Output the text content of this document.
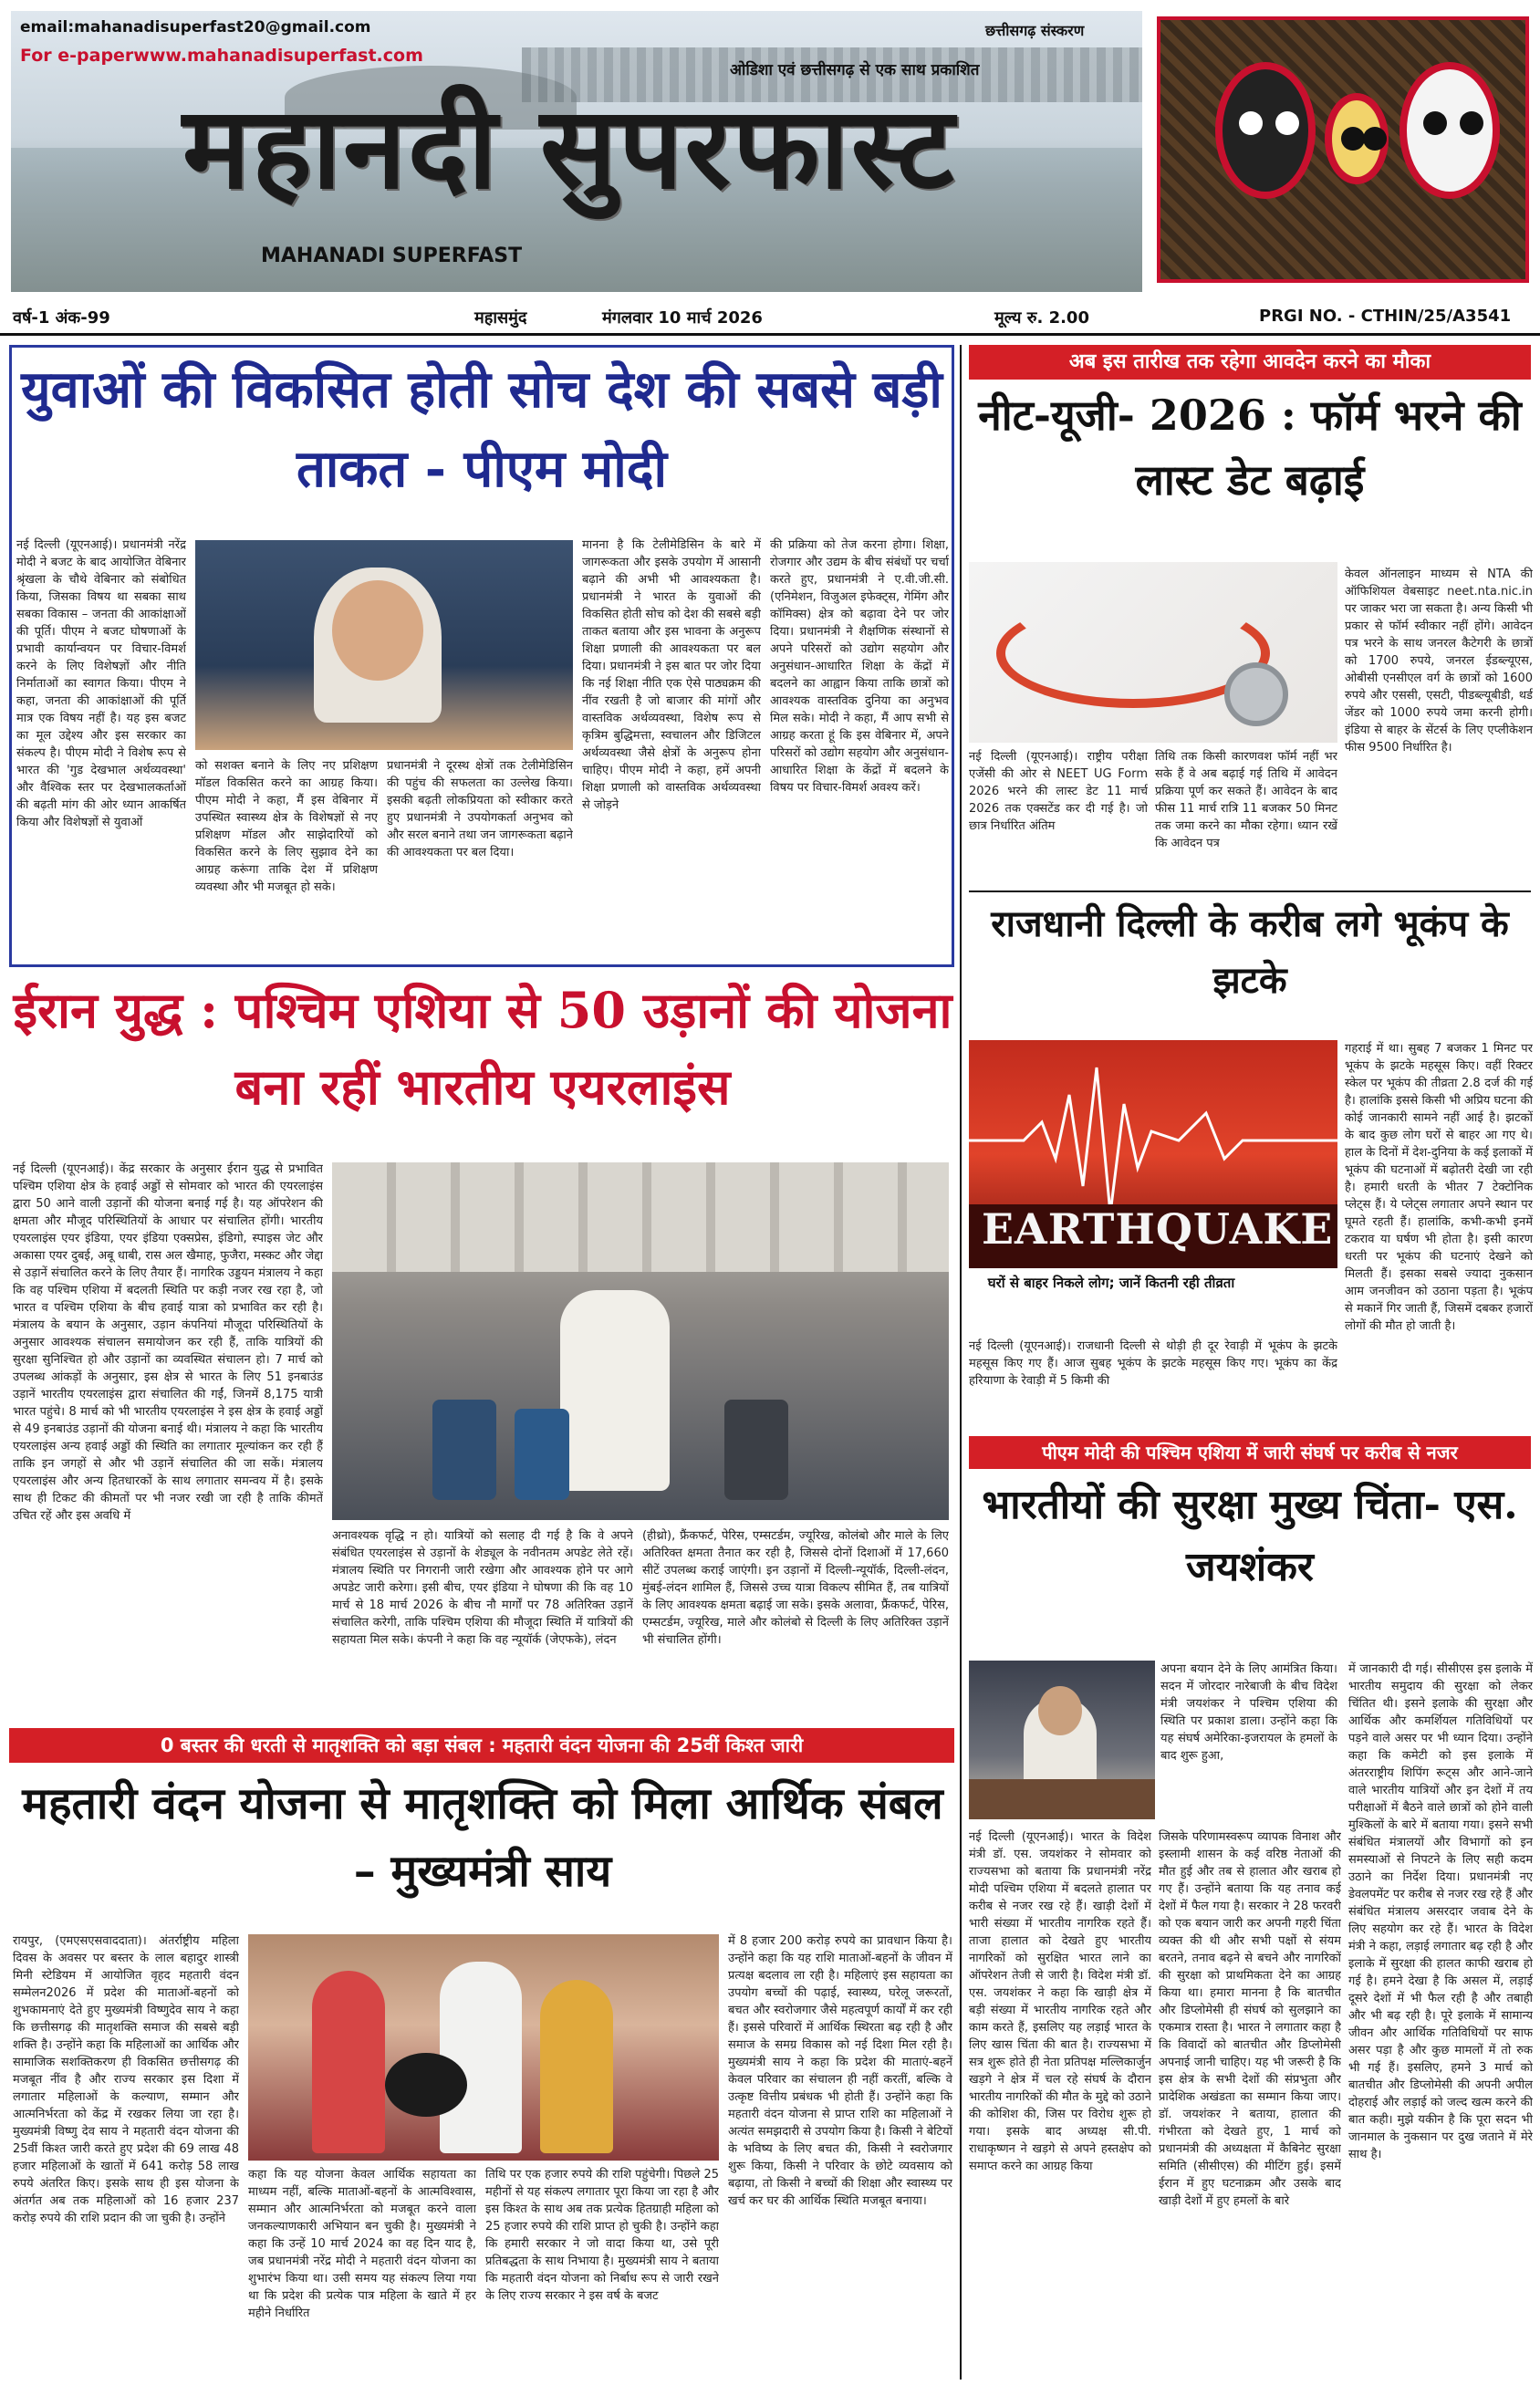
email:mahanadisuperfast20@gmail.com
For e-paperwww.mahanadisuperfast.com
छत्तीसगढ़ संस्करण
ओडिशा एवं छत्तीसगढ़ से एक साथ प्रकाशित
महानदी सुपरफास्ट
MAHANADI SUPERFAST
वर्ष-1 अंक-99	महासमुंद	मंगलवार 10 मार्च 2026	मूल्य रु. 2.00	PRGI NO. - CTHIN/25/A3541
युवाओं की विकसित होती सोच देश की सबसे बड़ी ताकत - पीएम मोदी
नई दिल्ली (यूएनआई)। प्रधानमंत्री नरेंद्र मोदी ने बजट के बाद आयोजित वेबिनार श्रृंखला के चौथे वेबिनार को संबोधित किया, जिसका विषय था सबका साथ सबका विकास – जनता की आकांक्षाओं की पूर्ति। पीएम ने बजट घोषणाओं के प्रभावी कार्यान्वयन पर विचार-विमर्श करने के लिए विशेषज्ञों और नीति निर्माताओं का स्वागत किया। पीएम ने कहा, जनता की आकांक्षाओं की पूर्ति मात्र एक विषय नहीं है। यह इस बजट का मूल उद्देश्य और इस सरकार का संकल्प है। पीएम मोदी ने विशेष रूप से भारत की 'गुड देखभाल अर्थव्यवस्था' और वैश्विक स्तर पर देखभालकर्ताओं की बढ़ती मांग की ओर ध्यान आकर्षित किया और विशेषज्ञों से युवाओं
को सशक्त बनाने के लिए नए प्रशिक्षण मॉडल विकसित करने का आग्रह किया। पीएम मोदी ने कहा, मैं इस वेबिनार में उपस्थित स्वास्थ्य क्षेत्र के विशेषज्ञों से नए प्रशिक्षण मॉडल और साझेदारियों को विकसित करने के लिए सुझाव देने का आग्रह करूंगा ताकि देश में प्रशिक्षण व्यवस्था और भी मजबूत हो सके।
प्रधानमंत्री ने दूरस्थ क्षेत्रों तक टेलीमेडिसिन की पहुंच की सफलता का उल्लेख किया। इसकी बढ़ती लोकप्रियता को स्वीकार करते हुए प्रधानमंत्री ने उपयोगकर्ता अनुभव को और सरल बनाने तथा जन जागरूकता बढ़ाने की आवश्यकता पर बल दिया।
मानना है कि टेलीमेडिसिन के बारे में जागरूकता और इसके उपयोग में आसानी बढ़ाने की अभी भी आवश्यकता है। प्रधानमंत्री ने भारत के युवाओं की विकसित होती सोच को देश की सबसे बड़ी ताकत बताया और इस भावना के अनुरूप शिक्षा प्रणाली की आवश्यकता पर बल दिया। प्रधानमंत्री ने इस बात पर जोर दिया कि नई शिक्षा नीति एक ऐसे पाठ्यक्रम की नींव रखती है जो बाजार की मांगों और वास्तविक अर्थव्यवस्था, विशेष रूप से कृत्रिम बुद्धिमत्ता, स्वचालन और डिजिटल अर्थव्यवस्था जैसे क्षेत्रों के अनुरूप होना चाहिए। पीएम मोदी ने कहा, हमें अपनी शिक्षा प्रणाली को वास्तविक अर्थव्यवस्था से जोड़ने
की प्रक्रिया को तेज करना होगा। शिक्षा, रोजगार और उद्यम के बीच संबंधों पर चर्चा करते हुए, प्रधानमंत्री ने ए.वी.जी.सी. (एनिमेशन, विजुअल इफेक्ट्स, गेमिंग और कॉमिक्स) क्षेत्र को बढ़ावा देने पर जोर दिया। प्रधानमंत्री ने शैक्षणिक संस्थानों से अपने परिसरों को उद्योग सहयोग और अनुसंधान-आधारित शिक्षा के केंद्रों में बदलने का आह्वान किया ताकि छात्रों को आवश्यक वास्तविक दुनिया का अनुभव मिल सके। मोदी ने कहा, मैं आप सभी से आग्रह करता हूं कि इस वेबिनार में, अपने परिसरों को उद्योग सहयोग और अनुसंधान-आधारित शिक्षा के केंद्रों में बदलने के विषय पर विचार-विमर्श अवश्य करें।
ईरान युद्ध : पश्चिम एशिया से 50 उड़ानों की योजना बना रहीं भारतीय एयरलाइंस
नई दिल्ली (यूएनआई)। केंद्र सरकार के अनुसार ईरान युद्ध से प्रभावित पश्चिम एशिया क्षेत्र के हवाई अड्डों से सोमवार को भारत की एयरलाइंस द्वारा 50 आने वाली उड़ानों की योजना बनाई गई है। यह ऑपरेशन की क्षमता और मौजूद परिस्थितियों के आधार पर संचालित होंगी। भारतीय एयरलाइंस एयर इंडिया, एयर इंडिया एक्सप्रेस, इंडिगो, स्पाइस जेट और अकासा एयर दुबई, अबू धाबी, रास अल खैमाह, फुजैरा, मस्कट और जेद्दा से उड़ानें संचालित करने के लिए तैयार हैं। नागरिक उड्डयन मंत्रालय ने कहा कि वह पश्चिम एशिया में बदलती स्थिति पर कड़ी नजर रख रहा है, जो भारत व पश्चिम एशिया के बीच हवाई यात्रा को प्रभावित कर रही है। मंत्रालय के बयान के अनुसार, उड़ान कंपनियां मौजूदा परिस्थितियों के अनुसार आवश्यक संचालन समायोजन कर रही हैं, ताकि यात्रियों की सुरक्षा सुनिश्चित हो और उड़ानों का व्यवस्थित संचालन हो। 7 मार्च को उपलब्ध आंकड़ों के अनुसार, इस क्षेत्र से भारत के लिए 51 इनबाउंड उड़ानें भारतीय एयरलाइंस द्वारा संचालित की गईं, जिनमें 8,175 यात्री भारत पहुंचे। 8 मार्च को भी भारतीय एयरलाइंस ने इस क्षेत्र के हवाई अड्डों से 49 इनबाउंड उड़ानों की योजना बनाई थी। मंत्रालय ने कहा कि भारतीय एयरलाइंस अन्य हवाई अड्डों की स्थिति का लगातार मूल्यांकन कर रही हैं ताकि इन जगहों से और भी उड़ानें संचालित की जा सकें। मंत्रालय एयरलाइंस और अन्य हितधारकों के साथ लगातार समन्वय में है। इसके साथ ही टिकट की कीमतों पर भी नजर रखी जा रही है ताकि कीमतें उचित रहें और इस अवधि में
अनावश्यक वृद्धि न हो। यात्रियों को सलाह दी गई है कि वे अपने संबंधित एयरलाइंस से उड़ानों के शेड्यूल के नवीनतम अपडेट लेते रहें। मंत्रालय स्थिति पर निगरानी जारी रखेगा और आवश्यक होने पर आगे अपडेट जारी करेगा। इसी बीच, एयर इंडिया ने घोषणा की कि वह 10 मार्च से 18 मार्च 2026 के बीच नौ मार्गों पर 78 अतिरिक्त उड़ानें संचालित करेगी, ताकि पश्चिम एशिया की मौजूदा स्थिति में यात्रियों की सहायता मिल सके। कंपनी ने कहा कि वह न्यूयॉर्क (जेएफके), लंदन
(हीथ्रो), फ्रैंकफर्ट, पेरिस, एम्सटर्डम, ज्यूरिख, कोलंबो और माले के लिए अतिरिक्त क्षमता तैनात कर रही है, जिससे दोनों दिशाओं में 17,660 सीटें उपलब्ध कराई जाएंगी। इन उड़ानों में दिल्ली-न्यूयॉर्क, दिल्ली-लंदन, मुंबई-लंदन शामिल हैं, जिससे उच्च यात्रा विकल्प सीमित हैं, तब यात्रियों के लिए आवश्यक क्षमता बढ़ाई जा सके। इसके अलावा, फ्रैंकफर्ट, पेरिस, एम्सटर्डम, ज्यूरिख, माले और कोलंबो से दिल्ली के लिए अतिरिक्त उड़ानें भी संचालित होंगी।
0 बस्तर की धरती से मातृशक्ति को बड़ा संबल : महतारी वंदन योजना की 25वीं किश्त जारी
महतारी वंदन योजना से मातृशक्ति को मिला आर्थिक संबल – मुख्यमंत्री साय
रायपुर, (एमएसएसवाददाता)। अंतर्राष्ट्रीय महिला दिवस के अवसर पर बस्तर के लाल बहादुर शास्त्री मिनी स्टेडियम में आयोजित वृहद महतारी वंदन सम्मेलन2026 में प्रदेश की माताओं-बहनों को शुभकामनाएं देते हुए मुख्यमंत्री विष्णुदेव साय ने कहा कि छत्तीसगढ़ की मातृशक्ति समाज की सबसे बड़ी शक्ति है। उन्होंने कहा कि महिलाओं का आर्थिक और सामाजिक सशक्तिकरण ही विकसित छत्तीसगढ़ की मजबूत नींव है और राज्य सरकार इस दिशा में लगातार महिलाओं के कल्याण, सम्मान और आत्मनिर्भरता को केंद्र में रखकर लिया जा रहा है। मुख्यमंत्री विष्णु देव साय ने महतारी वंदन योजना की 25वीं किश्त जारी करते हुए प्रदेश की 69 लाख 48 हजार महिलाओं के खातों में 641 करोड़ 58 लाख रुपये अंतरित किए। इसके साथ ही इस योजना के अंतर्गत अब तक महिलाओं को 16 हजार 237 करोड़ रुपये की राशि प्रदान की जा चुकी है। उन्होंने
कहा कि यह योजना केवल आर्थिक सहायता का माध्यम नहीं, बल्कि माताओं-बहनों के आत्मविश्वास, सम्मान और आत्मनिर्भरता को मजबूत करने वाला जनकल्याणकारी अभियान बन चुकी है। मुख्यमंत्री ने कहा कि उन्हें 10 मार्च 2024 का वह दिन याद है, जब प्रधानमंत्री नरेंद्र मोदी ने महतारी वंदन योजना का शुभारंभ किया था। उसी समय यह संकल्प लिया गया था कि प्रदेश की प्रत्येक पात्र महिला के खाते में हर महीने निर्धारित
तिथि पर एक हजार रुपये की राशि पहुंचेगी। पिछले 25 महीनों से यह संकल्प लगातार पूरा किया जा रहा है और इस किश्त के साथ अब तक प्रत्येक हितग्राही महिला को 25 हजार रुपये की राशि प्राप्त हो चुकी है। उन्होंने कहा कि हमारी सरकार ने जो वादा किया था, उसे पूरी प्रतिबद्धता के साथ निभाया है। मुख्यमंत्री साय ने बताया कि महतारी वंदन योजना को निर्बाध रूप से जारी रखने के लिए राज्य सरकार ने इस वर्ष के बजट
में 8 हजार 200 करोड़ रुपये का प्रावधान किया है। उन्होंने कहा कि यह राशि माताओं-बहनों के जीवन में प्रत्यक्ष बदलाव ला रही है। महिलाएं इस सहायता का उपयोग बच्चों की पढ़ाई, स्वास्थ्य, घरेलू जरूरतों, बचत और स्वरोजगार जैसे महत्वपूर्ण कार्यों में कर रही हैं। इससे परिवारों में आर्थिक स्थिरता बढ़ रही है और समाज के समग्र विकास को नई दिशा मिल रही है। मुख्यमंत्री साय ने कहा कि प्रदेश की माताएं-बहनें केवल परिवार का संचालन ही नहीं करतीं, बल्कि वे उत्कृष्ट वित्तीय प्रबंधक भी होती हैं। उन्होंने कहा कि महतारी वंदन योजना से प्राप्त राशि का महिलाओं ने अत्यंत समझदारी से उपयोग किया है। किसी ने बेटियों के भविष्य के लिए बचत की, किसी ने स्वरोजगार शुरू किया, किसी ने परिवार के छोटे व्यवसाय को बढ़ाया, तो किसी ने बच्चों की शिक्षा और स्वास्थ्य पर खर्च कर घर की आर्थिक स्थिति मजबूत बनाया।
अब इस तारीख तक रहेगा आवदेन करने का मौका
नीट-यूजी- 2026 : फॉर्म भरने की लास्ट डेट बढ़ाई
केवल ऑनलाइन माध्यम से NTA की ऑफिशियल वेबसाइट neet.nta.nic.in पर जाकर भरा जा सकता है। अन्य किसी भी प्रकार से फॉर्म स्वीकार नहीं होंगे। आवेदन पत्र भरने के साथ जनरल कैटेगरी के छात्रों को 1700 रुपये, जनरल ईडब्ल्यूएस, ओबीसी एनसीएल वर्ग के छात्रों को 1600 रुपये और एससी, एसटी, पीडब्ल्यूबीडी, थर्ड जेंडर को 1000 रुपये जमा करनी होगी। इंडिया से बाहर के सेंटर्स के लिए एप्लीकेशन फीस 9500 निर्धारित है।
नई दिल्ली (यूएनआई)। राष्ट्रीय परीक्षा एजेंसी की ओर से NEET UG Form 2026 भरने की लास्ट डेट 11 मार्च 2026 तक एक्सटेंड कर दी गई है। जो छात्र निर्धारित अंतिम
तिथि तक किसी कारणवश फॉर्म नहीं भर सके हैं वे अब बढ़ाई गई तिथि में आवेदन प्रक्रिया पूर्ण कर सकते हैं। आवेदन के बाद फीस 11 मार्च रात्रि 11 बजकर 50 मिनट तक जमा करने का मौका रहेगा। ध्यान रखें कि आवेदन पत्र
राजधानी दिल्ली के करीब लगे भूकंप के झटके
EARTHQUAKE
घरों से बाहर निकले लोग; जानें कितनी रही तीव्रता
गहराई में था। सुबह 7 बजकर 1 मिनट पर भूकंप के झटके महसूस किए। वहीं रिक्टर स्केल पर भूकंप की तीव्रता 2.8 दर्ज की गई है। हालांकि इससे किसी भी अप्रिय घटना की कोई जानकारी सामने नहीं आई है। झटकों के बाद कुछ लोग घरों से बाहर आ गए थे। हाल के दिनों में देश-दुनिया के कई इलाकों में भूकंप की घटनाओं में बढ़ोतरी देखी जा रही है। हमारी धरती के भीतर 7 टेक्टोनिक प्लेट्स हैं। ये प्लेट्स लगातार अपने स्थान पर घूमते रहती हैं। हालांकि, कभी-कभी इनमें टकराव या घर्षण भी होता है। इसी कारण धरती पर भूकंप की घटनाएं देखने को मिलती हैं। इसका सबसे ज्यादा नुकसान आम जनजीवन को उठाना पड़ता है। भूकंप से मकानें गिर जाती हैं, जिसमें दबकर हजारों लोगों की मौत हो जाती है।
नई दिल्ली (यूएनआई)। राजधानी दिल्ली से थोड़ी ही दूर रेवाड़ी में भूकंप के झटके महसूस किए गए हैं। आज सुबह भूकंप के झटके महसूस किए गए। भूकंप का केंद्र हरियाणा के रेवाड़ी में 5 किमी की
पीएम मोदी की पश्चिम एशिया में जारी संघर्ष पर करीब से नजर
भारतीयों की सुरक्षा मुख्य चिंता- एस. जयशंकर
अपना बयान देने के लिए आमंत्रित किया। सदन में जोरदार नारेबाजी के बीच विदेश मंत्री जयशंकर ने पश्चिम एशिया की स्थिति पर प्रकाश डाला। उन्होंने कहा कि यह संघर्ष अमेरिका-इजरायल के हमलों के बाद शुरू हुआ,
नई दिल्ली (यूएनआई)। भारत के विदेश मंत्री डॉ. एस. जयशंकर ने सोमवार को राज्यसभा को बताया कि प्रधानमंत्री नरेंद्र मोदी पश्चिम एशिया में बदलते हालात पर करीब से नजर रख रहे हैं। खाड़ी देशों में भारी संख्या में भारतीय नागरिक रहते हैं। ताजा हालात को देखते हुए भारतीय नागरिकों को सुरक्षित भारत लाने का ऑपरेशन तेजी से जारी है। विदेश मंत्री डॉ. एस. जयशंकर ने कहा कि खाड़ी क्षेत्र में बड़ी संख्या में भारतीय नागरिक रहते और काम करते हैं, इसलिए यह लड़ाई भारत के लिए खास चिंता की बात है। राज्यसभा में सत्र शुरू होते ही नेता प्रतिपक्ष मल्लिकार्जुन खड़गे ने क्षेत्र में चल रहे संघर्ष के दौरान भारतीय नागरिकों की मौत के मुद्दे को उठाने की कोशिश की, जिस पर विरोध शुरू हो गया। इसके बाद अध्यक्ष सी.पी. राधाकृष्णन ने खड़गे से अपने हस्तक्षेप को समाप्त करने का आग्रह किया
जिसके परिणामस्वरूप व्यापक विनाश और इस्लामी शासन के कई वरिष्ठ नेताओं की मौत हुई और तब से हालात और खराब हो गए हैं। उन्होंने बताया कि यह तनाव कई देशों में फैल गया है। सरकार ने 28 फरवरी को एक बयान जारी कर अपनी गहरी चिंता व्यक्त की थी और सभी पक्षों से संयम बरतने, तनाव बढ़ने से बचने और नागरिकों की सुरक्षा को प्राथमिकता देने का आग्रह किया था। हमारा मानना है कि बातचीत और डिप्लोमेसी ही संघर्ष को सुलझाने का एकमात्र रास्ता है। भारत ने लगातार कहा है कि विवादों को बातचीत और डिप्लोमेसी अपनाई जानी चाहिए। यह भी जरूरी है कि इस क्षेत्र के सभी देशों की संप्रभुता और प्रादेशिक अखंडता का सम्मान किया जाए। डॉ. जयशंकर ने बताया, हालात की गंभीरता को देखते हुए, 1 मार्च को प्रधानमंत्री की अध्यक्षता में कैबिनेट सुरक्षा समिति (सीसीएस) की मीटिंग हुई। इसमें ईरान में हुए घटनाक्रम और उसके बाद खाड़ी देशों में हुए हमलों के बारे
में जानकारी दी गई। सीसीएस इस इलाके में भारतीय समुदाय की सुरक्षा को लेकर चिंतित थी। इसने इलाके की सुरक्षा और आर्थिक और कमर्शियल गतिविधियों पर पड़ने वाले असर पर भी ध्यान दिया। उन्होंने कहा कि कमेटी को इस इलाके में अंतरराष्ट्रीय शिपिंग रूट्स और आने-जाने वाले भारतीय यात्रियों और इन देशों में तय परीक्षाओं में बैठने वाले छात्रों को होने वाली मुश्किलों के बारे में बताया गया। इसने सभी संबंधित मंत्रालयों और विभागों को इन समस्याओं से निपटने के लिए सही कदम उठाने का निर्देश दिया। प्रधानमंत्री नए डेवलपमेंट पर करीब से नजर रख रहे हैं और संबंधित मंत्रालय असरदार जवाब देने के लिए सहयोग कर रहे हैं। भारत के विदेश मंत्री ने कहा, लड़ाई लगातार बढ़ रही है और इलाके में सुरक्षा की हालत काफी खराब हो गई है। हमने देखा है कि असल में, लड़ाई दूसरे देशों में भी फैल रही है और तबाही और भी बढ़ रही है। पूरे इलाके में सामान्य जीवन और आर्थिक गतिविधियों पर साफ असर पड़ा है और कुछ मामलों में तो रुक भी गई हैं। इसलिए, हमने 3 मार्च को बातचीत और डिप्लोमेसी की अपनी अपील दोहराई और लड़ाई को जल्द खत्म करने की बात कही। मुझे यकीन है कि पूरा सदन भी जानमाल के नुकसान पर दुख जताने में मेरे साथ है।
